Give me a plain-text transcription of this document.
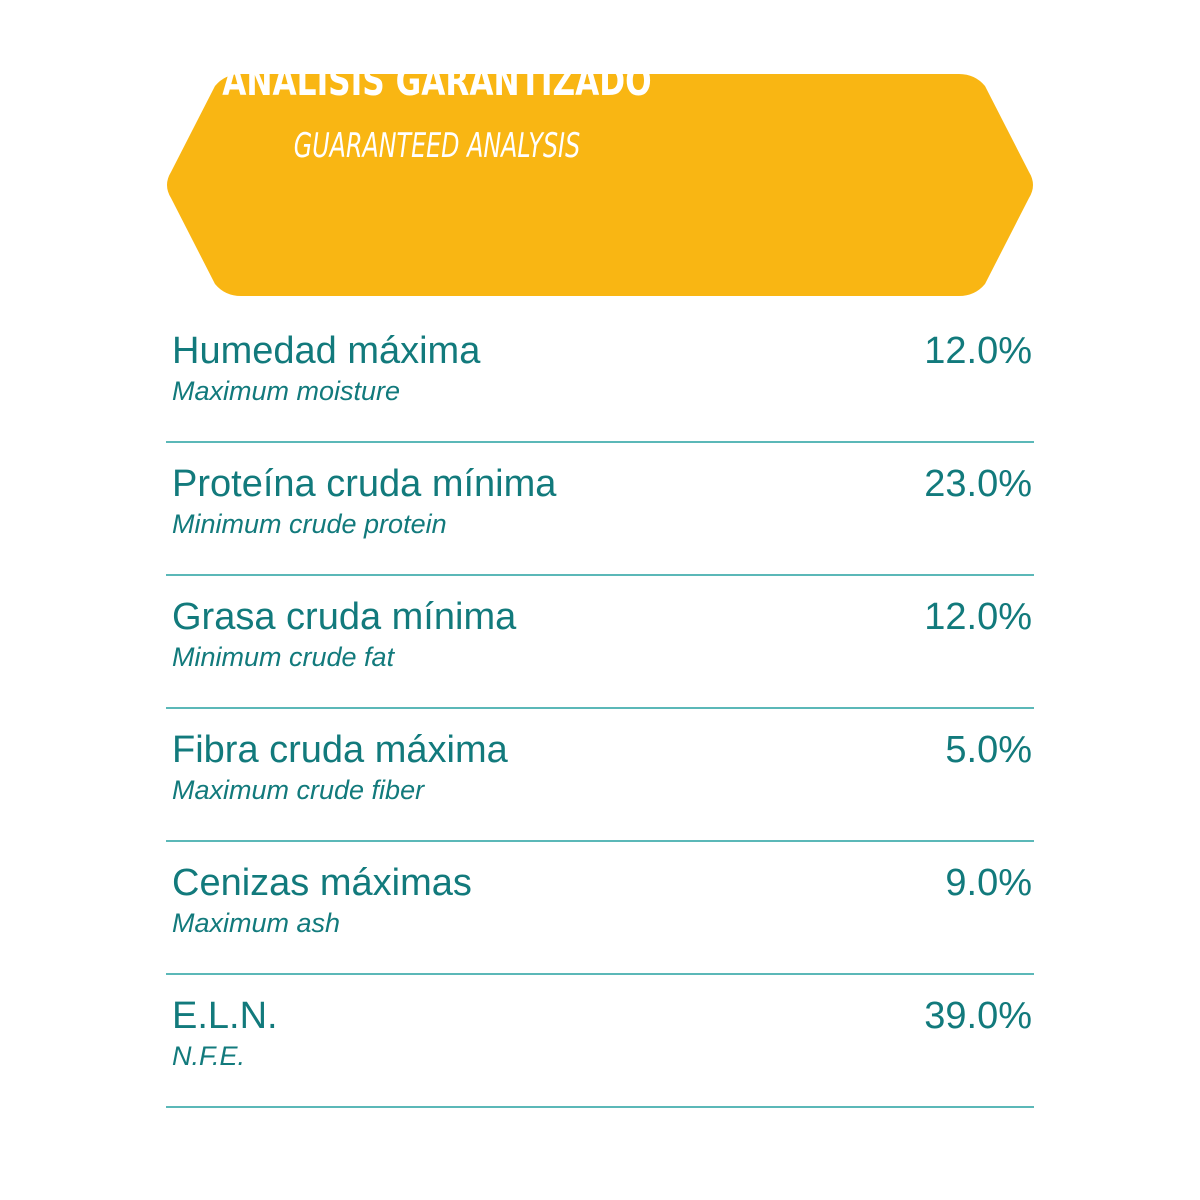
ANÁLISIS GARANTIZADO
GUARANTEED ANALYSIS
Humedad máxima
Maximum moisture
12.0%
Proteína cruda mínima
Minimum crude protein
23.0%
Grasa cruda mínima
Minimum crude fat
12.0%
Fibra cruda máxima
Maximum crude fiber
5.0%
Cenizas máximas
Maximum ash
9.0%
E.L.N.
N.F.E.
39.0%
